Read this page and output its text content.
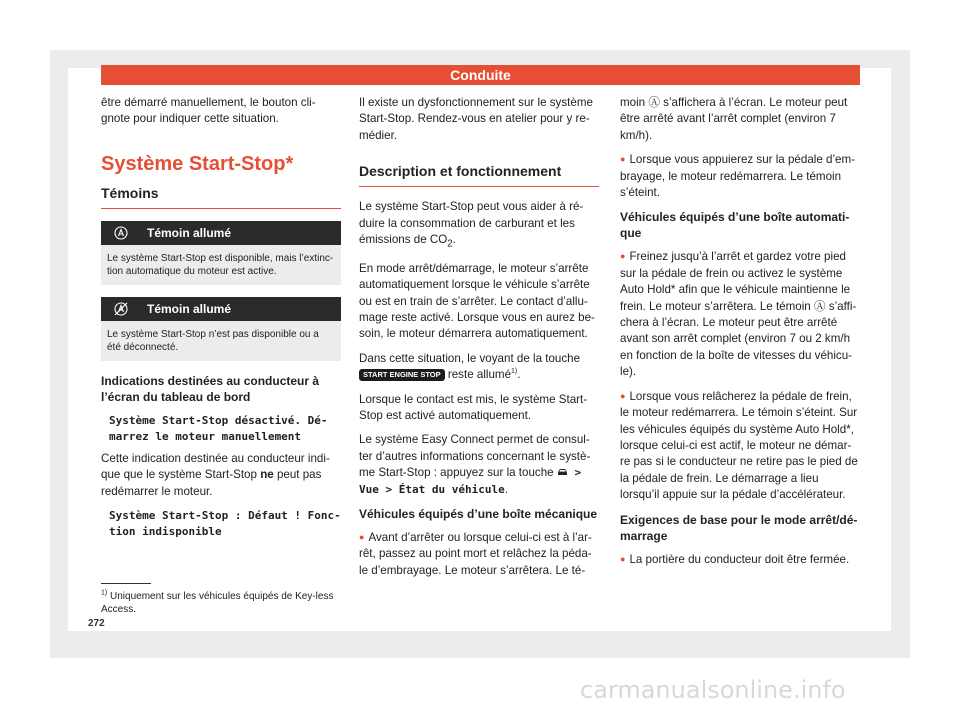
Conduite

être démarré manuellement, le bouton cli-gnote pour indiquer cette situation.

Système Start-Stop*
Témoins
Témoin allumé
Le système Start-Stop est disponible, mais l’extinc-tion automatique du moteur est active.
Témoin allumé
Le système Start-Stop n’est pas disponible ou a été déconnecté.

Indications destinées au conducteur à l’écran du tableau de bord

Système Start-Stop désactivé. Dé-marrez le moteur manuellement

Cette indication destinée au conducteur indi-que que le système Start-Stop ne peut pas redémarrer le moteur.

Système Start-Stop : Défaut ! Fonc-tion indisponible

Il existe un dysfonctionnement sur le système Start-Stop. Rendez-vous en atelier pour y re-médier.

Description et fonctionnement

Le système Start-Stop peut vous aider à ré-duire la consommation de carburant et les émissions de $CO_2$.

En mode arrêt/démarrage, le moteur s’arrête automatiquement lorsque le véhicule s’arrête ou est en train de s’arrêter. Le contact d’allu-mage reste activé. Lorsque vous en aurez be-soin, le moteur démarrera automatiquement.

Dans cette situation, le voyant de la touche START ENGINE STOP reste allumé$^{1)}$.

Lorsque le contact est mis, le système Start-Stop est activé automatiquement.

Le système Easy Connect permet de consul-ter d’autres informations concernant le systè-me Start-Stop : appuyez sur la touche  > Vue > État du véhicule.

Véhicules équipés d’une boîte mécanique

● Avant d’arrêter ou lorsque celui-ci est à l’ar-rêt, passez au point mort et relâchez la péda-le d’embrayage. Le moteur s’arrêtera. Le té-

moin Ⓐ s’affichera à l’écran. Le moteur peut être arrêté avant l’arrêt complet (environ 7 km/h).

● Lorsque vous appuierez sur la pédale d’em-brayage, le moteur redémarrera. Le témoin s’éteint.

Véhicules équipés d’une boîte automati-que

● Freinez jusqu’à l’arrêt et gardez votre pied sur la pédale de frein ou activez le système Auto Hold* afin que le véhicule maintienne le frein. Le moteur s’arrêtera. Le témoin Ⓐ s’affi-chera à l’écran. Le moteur peut être arrêté avant son arrêt complet (environ 7 ou 2 km/h en fonction de la boîte de vitesses du véhicu-le).

● Lorsque vous relâcherez la pédale de frein, le moteur redémarrera. Le témoin s’éteint. Sur les véhicules équipés du système Auto Hold*, lorsque celui-ci est actif, le moteur ne démar-re pas si le conducteur ne retire pas le pied de la pédale de frein. Le démarrage a lieu lorsqu’il appuie sur la pédale d’accélérateur.

Exigences de base pour le mode arrêt/dé-marrage

● La portière du conducteur doit être fermée.

$^{1)}$ Uniquement sur les véhicules équipés de Key-less Access.
272
carmanualsonline.info
